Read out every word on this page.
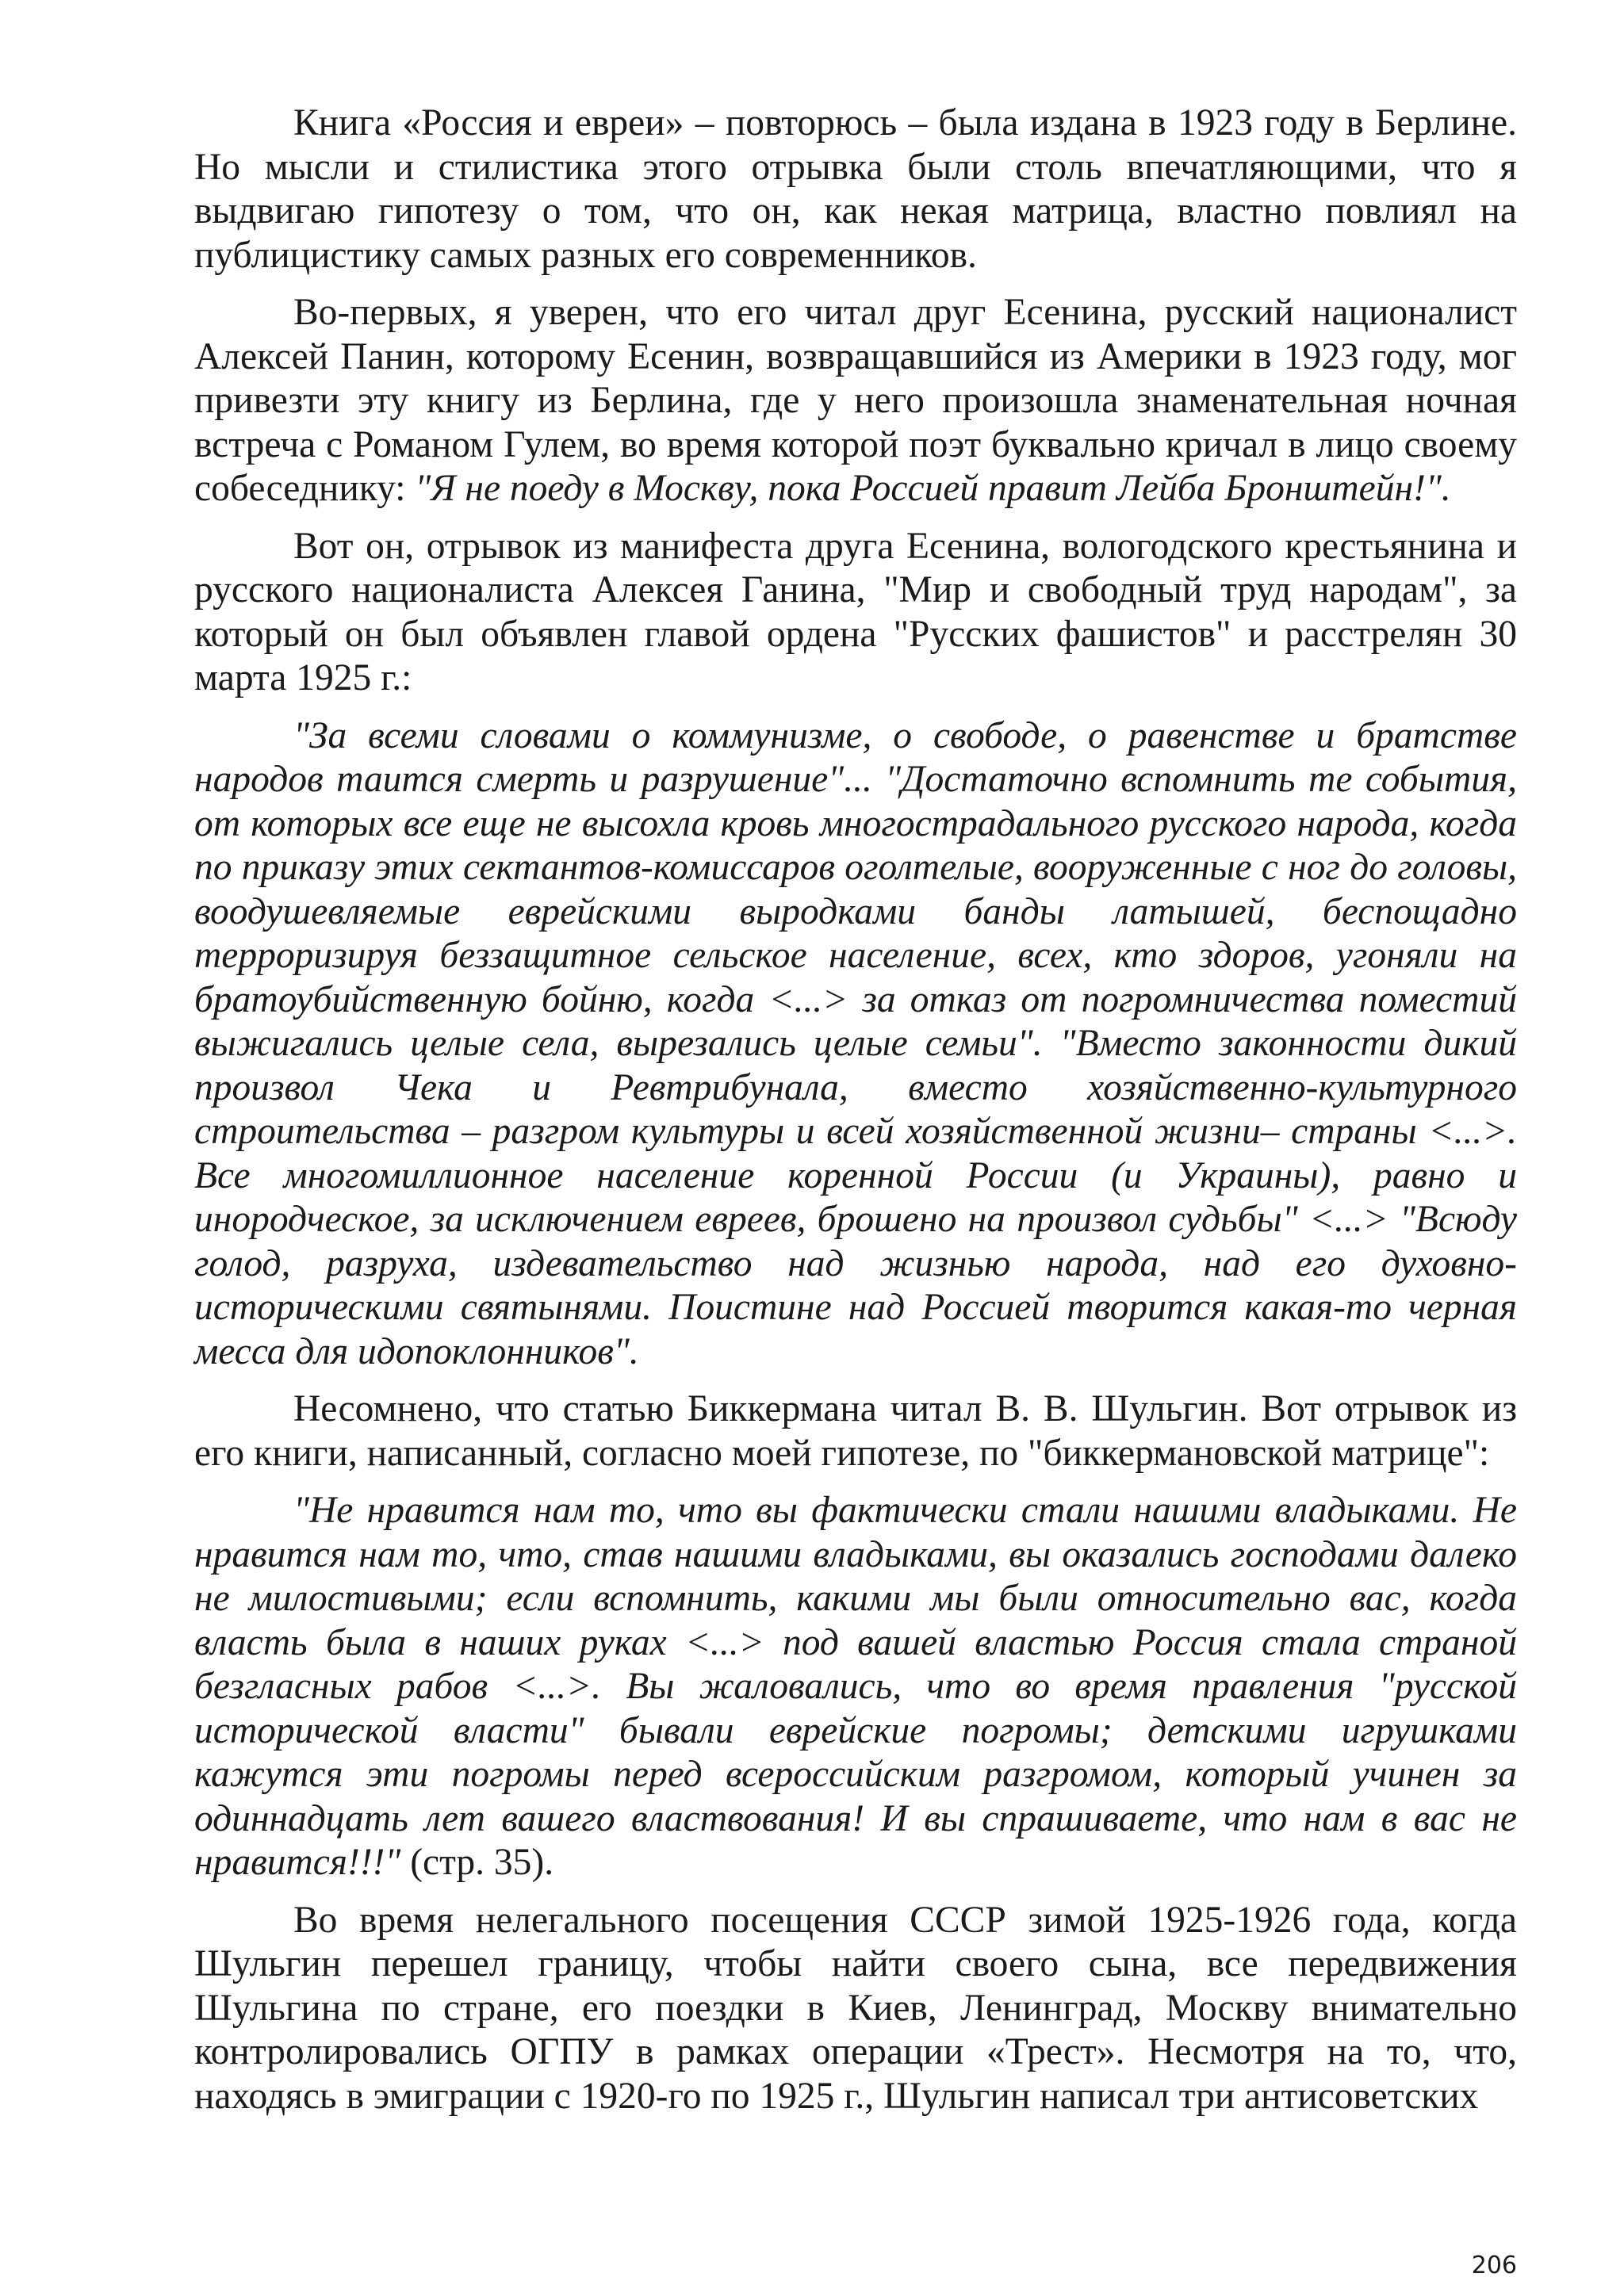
Книга «Россия и евреи» – повторюсь – была издана в 1923 году в Берлине. Но мысли и стилистика этого отрывка были столь впечатляющими, что я выдвигаю гипотезу о том, что он, как некая матрица, властно повлиял на публицистику самых разных его современников.

Во-первых, я уверен, что его читал друг Есенина, русский националист Алексей Панин, которому Есенин, возвращавшийся из Америки в 1923 году, мог привезти эту книгу из Берлина, где у него произошла знаменательная ночная встреча с Романом Гулем, во время которой поэт буквально кричал в лицо своему собеседнику: "Я не поеду в Москву, пока Россией правит Лейба Бронштейн!".

Вот он, отрывок из манифеста друга Есенина, вологодского крестьянина и русского националиста Алексея Ганина, "Мир и свободный труд народам", за который он был объявлен главой ордена "Русских фашистов" и расстрелян 30 марта 1925 г.:

"За всеми словами о коммунизме, о свободе, о равенстве и братстве народов таится смерть и разрушение"... "Достаточно вспомнить те события, от которых все еще не высохла кровь многострадального русского народа, когда по приказу этих сектантов-комиссаров оголтелые, вооруженные с ног до головы, воодушевляемые еврейскими выродками банды латышей, беспощадно терроризируя беззащитное сельское население, всех, кто здоров, угоняли на братоубийственную бойню, когда <...> за отказ от погромничества поместий выжигались целые села, вырезались целые семьи". "Вместо законности дикий произвол Чека и Ревтрибунала, вместо хозяйственно-культурного строительства – разгром культуры и всей хозяйственной жизни– страны <...>. Все многомиллионное население коренной России (и Украины), равно и инородческое, за исключением евреев, брошено на произвол судьбы" <...> "Всюду голод, разруха, издевательство над жизнью народа, над его духовно-историческими святынями. Поистине над Россией творится какая-то черная месса для идопоклонников".

Несомнено, что статью Биккермана читал В. В. Шульгин. Вот отрывок из его книги, написанный, согласно моей гипотезе, по "биккермановской матрице":

"Не нравится нам то, что вы фактически стали нашими владыками. Не нравится нам то, что, став нашими владыками, вы оказались господами далеко не милостивыми; если вспомнить, какими мы были относительно вас, когда власть была в наших руках <...> под вашей властью Россия стала страной безгласных рабов <...>. Вы жаловались, что во время правления "русской исторической власти" бывали еврейские погромы; детскими игрушками кажутся эти погромы перед всероссийским разгромом, который учинен за одиннадцать лет вашего властвования! И вы спрашиваете, что нам в вас не нравится!!!" (стр. 35).

Во время нелегального посещения СССР зимой 1925-1926 года, когда Шульгин перешел границу, чтобы найти своего сына, все передвижения Шульгина по стране, его поездки в Киев, Ленинград, Москву внимательно контролировались ОГПУ в рамках операции «Трест». Несмотря на то, что, находясь в эмиграции с 1920-го по 1925 г., Шульгин написал три антисоветских

206
